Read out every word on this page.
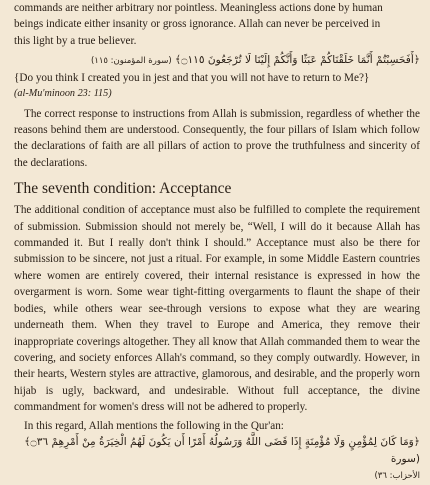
commands are neither arbitrary nor pointless. Meaningless actions done by human

beings indicate either insanity or gross ignorance. Allah can never be perceived in

this light by a true believer.

﴿أَفَحَسِبْتُمْ أَنَّمَا خَلَقْنَاكُمْ عَبَثًا وَأَنَّكُمْ إِلَيْنَا لَا تُرْجَعُونَ ۝١١٥﴾ (سورة المؤمنون: ١١٥)

{Do you think I created you in jest and that you will not have to return to Me?}

(al-Mu'minoon 23: 115)

The correct response to instructions from Allah is submission, regardless of whether the reasons behind them are understood. Consequently, the four pillars of Islam which follow the declarations of faith are all pillars of action to prove the truthfulness and sincerity of the declarations.

The seventh condition: Acceptance

The additional condition of acceptance must also be fulfilled to complete the requirement of submission. Submission should not merely be, “Well, I will do it because Allah has commanded it. But I really don't think I should.” Acceptance must also be there for submission to be sincere, not just a ritual. For example, in some Middle Eastern countries where women are entirely covered, their internal resistance is expressed in how the overgarment is worn. Some wear tight-fitting overgarments to flaunt the shape of their bodies, while others wear see-through versions to expose what they are wearing underneath them. When they travel to Europe and America, they remove their inappropriate coverings altogether. They all know that Allah commanded them to wear the covering, and society enforces Allah's command, so they comply outwardly. However, in their hearts, Western styles are attractive, glamorous, and desirable, and the properly worn hijab is ugly, backward, and undesirable. Without full acceptance, the divine commandment for women's dress will not be adhered to properly.

In this regard, Allah mentions the following in the Qur'an:

﴿وَمَا كَانَ لِمُؤْمِنٍ وَلَا مُؤْمِنَةٍ إِذَا قَضَى اللَّهُ وَرَسُولُهُ أَمْرًا أَن يَكُونَ لَهُمُ الْخِيَرَةُ مِنْ أَمْرِهِمْ ۝٣٦﴾ (سورة
الأحزاب: ٣٦)
